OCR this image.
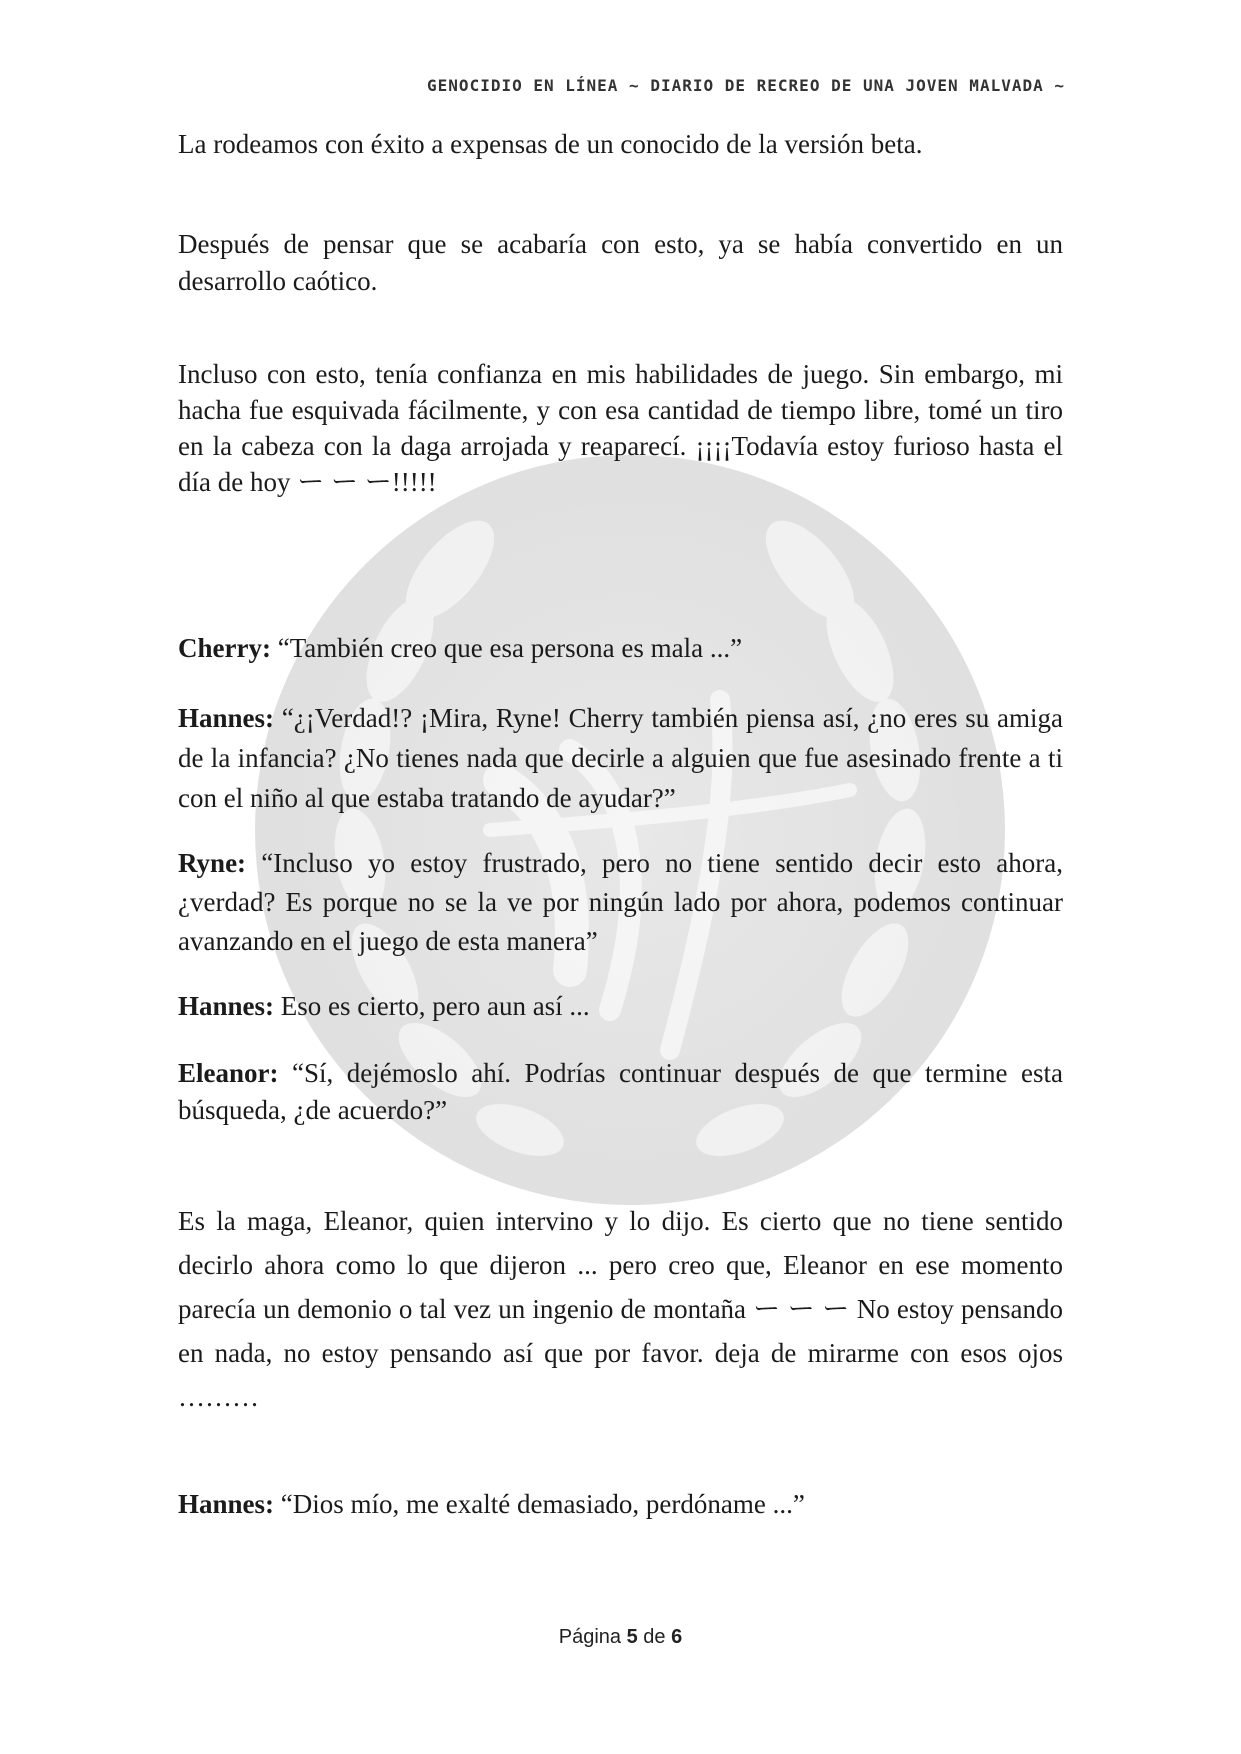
GENOCIDIO EN LÍNEA ~ DIARIO DE RECREO DE UNA JOVEN MALVADA ~

La rodeamos con éxito a expensas de un conocido de la versión beta.

Después de pensar que se acabaría con esto, ya se había convertido en un desarrollo caótico.

Incluso con esto, tenía confianza en mis habilidades de juego. Sin embargo, mi hacha fue esquivada fácilmente, y con esa cantidad de tiempo libre, tomé un tiro en la cabeza con la daga arrojada y reaparecí. ¡¡¡¡Todavía estoy furioso hasta el día de hoy ー ー ー!!!!!

Cherry: “También creo que esa persona es mala ...”

Hannes: “¿¡Verdad!? ¡Mira, Ryne! Cherry también piensa así, ¿no eres su amiga de la infancia? ¿No tienes nada que decirle a alguien que fue asesinado frente a ti con el niño al que estaba tratando de ayudar?”

Ryne: “Incluso yo estoy frustrado, pero no tiene sentido decir esto ahora, ¿verdad? Es porque no se la ve por ningún lado por ahora, podemos continuar avanzando en el juego de esta manera”

Hannes: Eso es cierto, pero aun así ...

Eleanor: “Sí, dejémoslo ahí. Podrías continuar después de que termine esta búsqueda, ¿de acuerdo?”

Es la maga, Eleanor, quien intervino y lo dijo. Es cierto que no tiene sentido decirlo ahora como lo que dijeron ... pero creo que, Eleanor en ese momento parecía un demonio o tal vez un ingenio de montaña ー ー ー No estoy pensando en nada, no estoy pensando así que por favor. deja de mirarme con esos ojos ………

Hannes: “Dios mío, me exalté demasiado, perdóname ...”

Página 5 de 6
